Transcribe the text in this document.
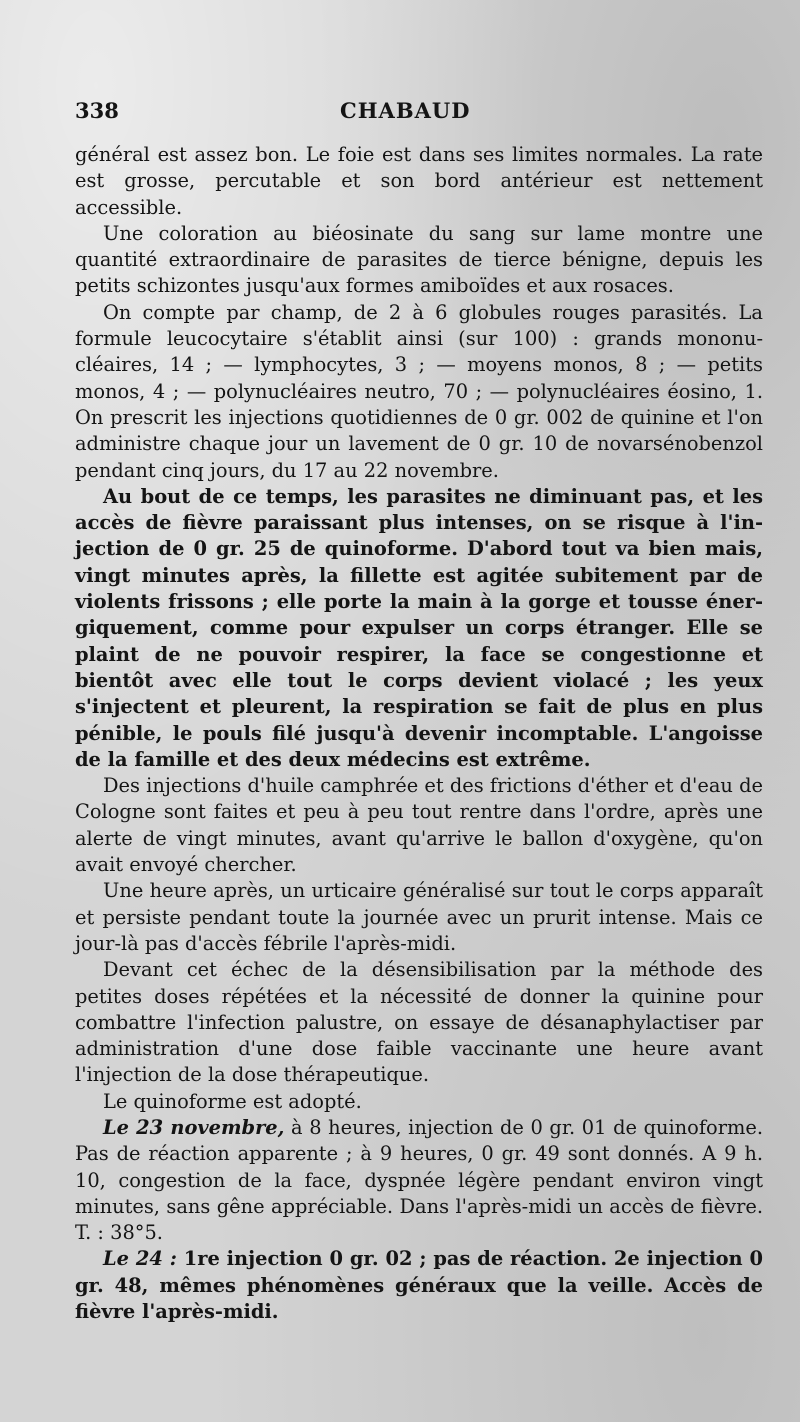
338	CHABAUD

général est assez bon. Le foie est dans ses limites normales. La rate est grosse, percutable et son bord antérieur est nettement accessible.

Une coloration au biéosinate du sang sur lame montre une quantité extraordinaire de parasites de tierce bénigne, depuis les petits schizontes jusqu'aux formes amiboïdes et aux rosaces.

On compte par champ, de 2 à 6 globules rouges parasités. La formule leucocytaire s'établit ainsi (sur 100) : grands mononucléaires, 14 ; — lymphocytes, 3 ; — moyens monos, 8 ; — petits monos, 4 ; — polynucléaires neutro, 70 ; — polynucléaires éosino, 1. On prescrit les injections quotidiennes de 0 gr. 002 de quinine et l'on administre chaque jour un lavement de 0 gr. 10 de novarsénobenzol pendant cinq jours, du 17 au 22 novembre.

Au bout de ce temps, les parasites ne diminuant pas, et les accès de fièvre paraissant plus intenses, on se risque à l'injection de 0 gr. 25 de quinoforme. D'abord tout va bien mais, vingt minutes après, la fillette est agitée subitement par de violents frissons ; elle porte la main à la gorge et tousse énergiquement, comme pour expulser un corps étranger. Elle se plaint de ne pouvoir respirer, la face se congestionne et bientôt avec elle tout le corps devient violacé ; les yeux s'injectent et pleurent, la respiration se fait de plus en plus pénible, le pouls filé jusqu'à devenir incomptable. L'angoisse de la famille et des deux médecins est extrême.

Des injections d'huile camphrée et des frictions d'éther et d'eau de Cologne sont faites et peu à peu tout rentre dans l'ordre, après une alerte de vingt minutes, avant qu'arrive le ballon d'oxygène, qu'on avait envoyé chercher.

Une heure après, un urticaire généralisé sur tout le corps apparaît et persiste pendant toute la journée avec un prurit intense. Mais ce jour-là pas d'accès fébrile l'après-midi.

Devant cet échec de la désensibilisation par la méthode des petites doses répétées et la nécessité de donner la quinine pour combattre l'infection palustre, on essaye de désanaphylactiser par administration d'une dose faible vaccinante une heure avant l'injection de la dose thérapeutique.

Le quinoforme est adopté.

Le 23 novembre, à 8 heures, injection de 0 gr. 01 de quinoforme. Pas de réaction apparente ; à 9 heures, 0 gr. 49 sont donnés. A 9 h. 10, congestion de la face, dyspnée légère pendant environ vingt minutes, sans gêne appréciable. Dans l'après-midi un accès de fièvre. T. : 38°5.

Le 24 : 1re injection 0 gr. 02 ; pas de réaction. 2e injection 0 gr. 48, mêmes phénomènes généraux que la veille. Accès de fièvre l'après-midi.
